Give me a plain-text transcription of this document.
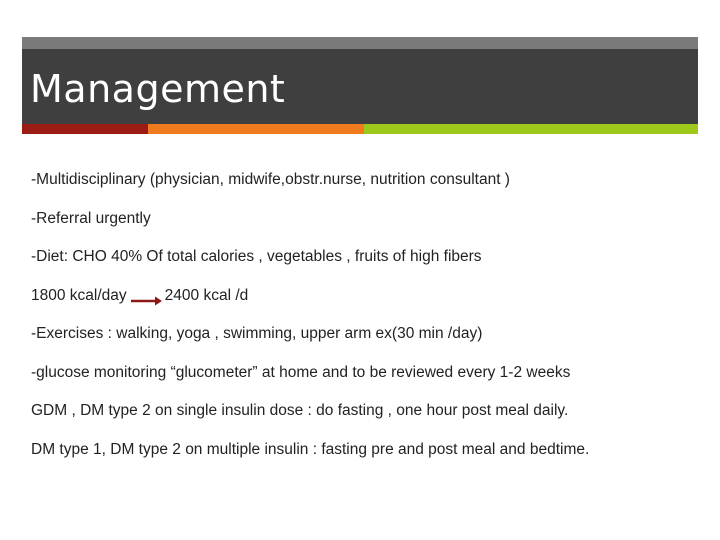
Management
-Multidisciplinary (physician, midwife,obstr.nurse, nutrition consultant )
-Referral urgently
-Diet: CHO 40% Of total calories , vegetables , fruits of high fibers
1800 kcal/day 2400 kcal /d
-Exercises : walking, yoga , swimming, upper arm ex(30 min /day)
-glucose monitoring “glucometer” at home and to be reviewed every 1-2 weeks
GDM , DM type 2 on single insulin dose : do fasting , one hour post meal daily.
DM type 1, DM type 2 on multiple insulin : fasting pre and post meal and bedtime.
